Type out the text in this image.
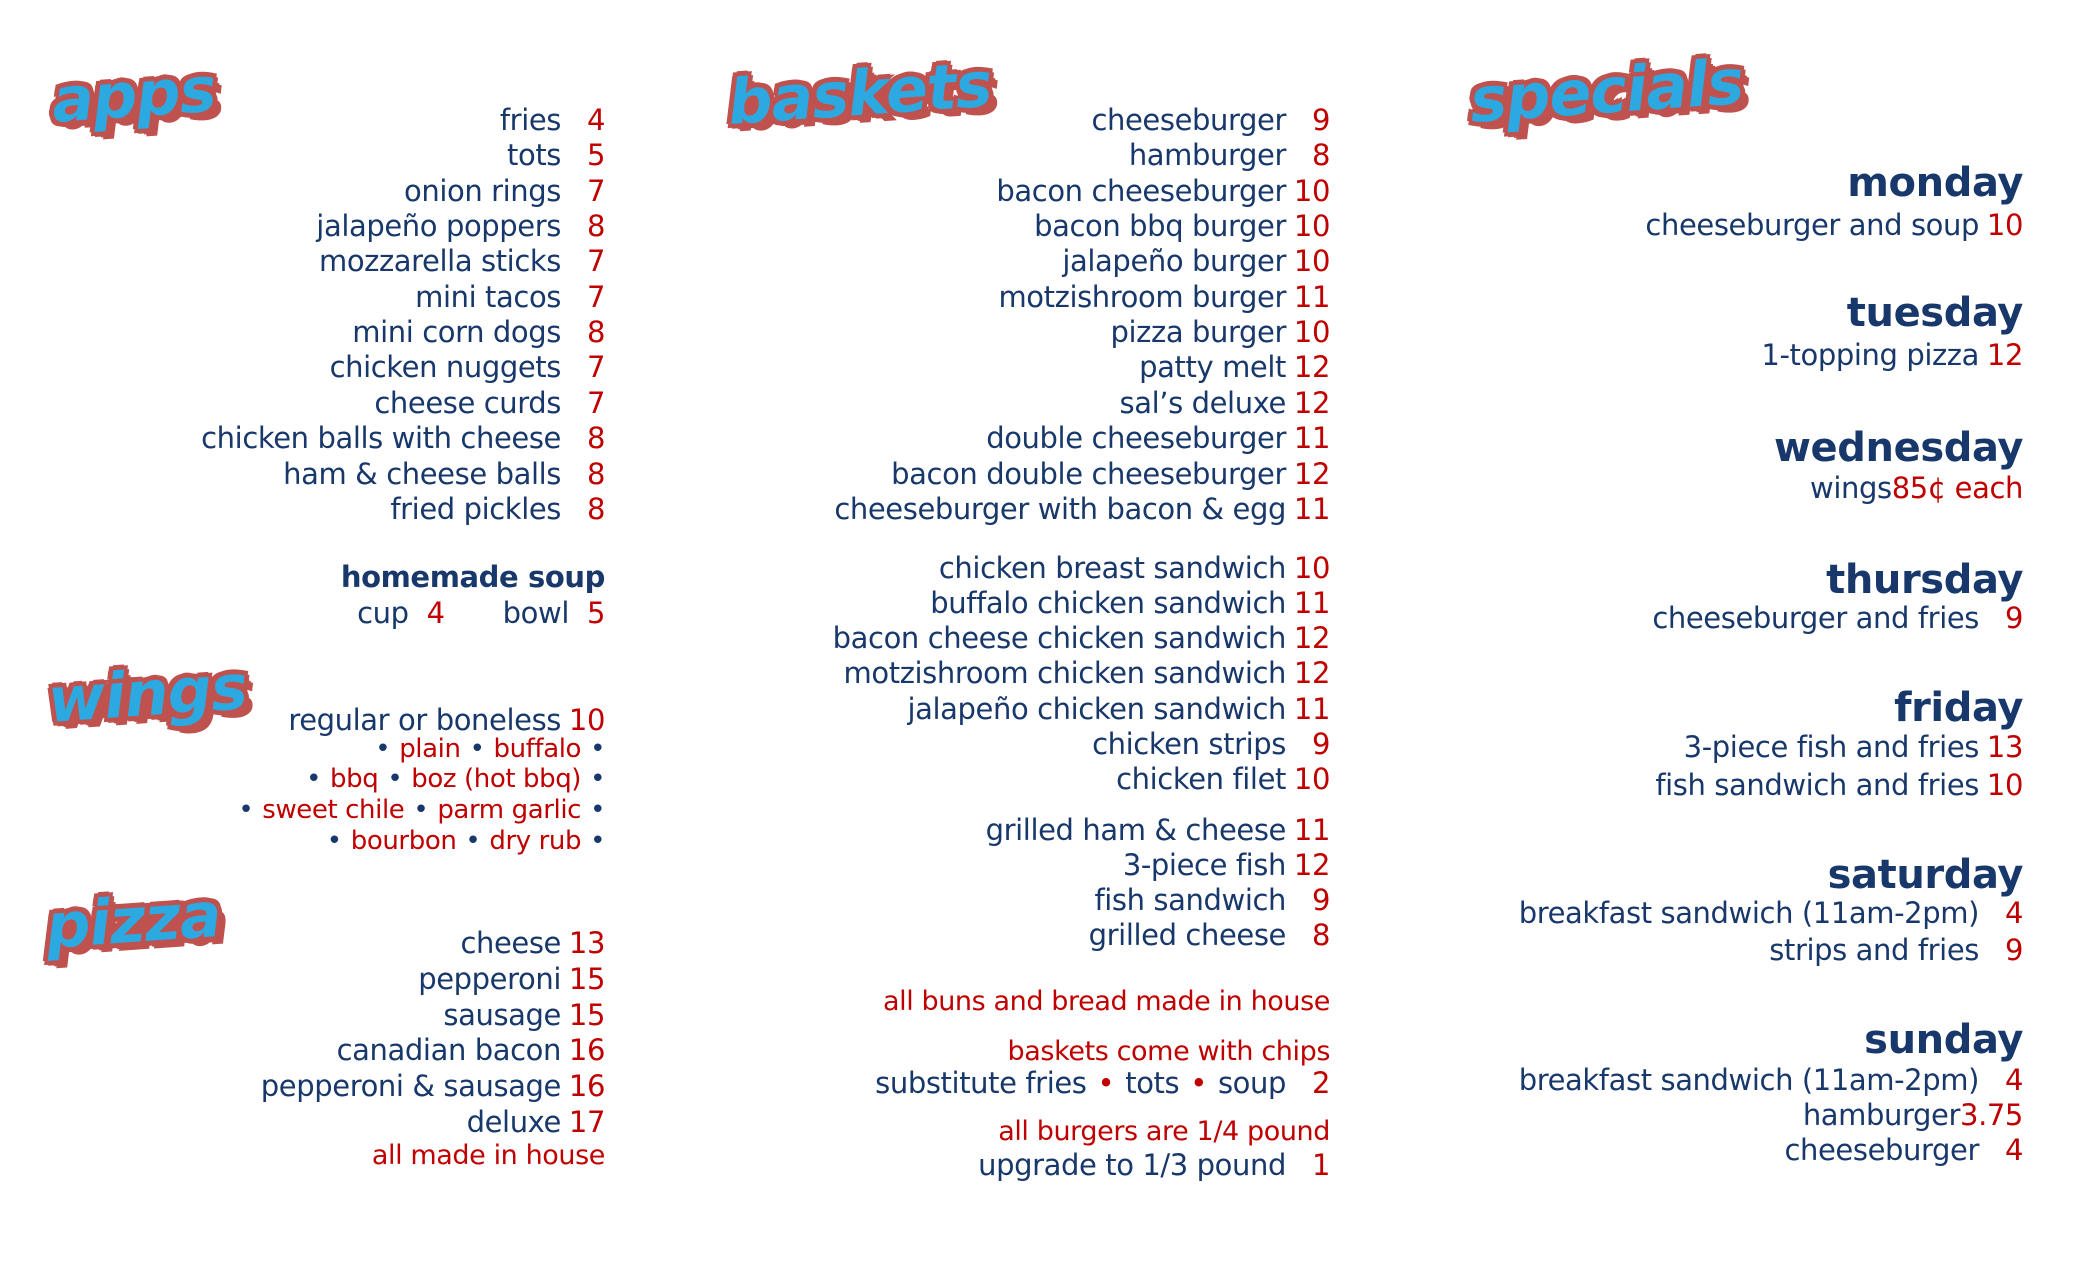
apps
wings
pizza
baskets	specials
fries 4
tots 5
onion rings 7
jalapeño poppers 8
mozzarella sticks 7
mini tacos 7
mini corn dogs 8
chicken nuggets 7
cheese curds 7
chicken balls with cheese 8
ham & cheese balls 8
fried pickles 8
homemade soup
cup 4 bowl 5
regular or boneless 10
• plain • buffalo •
• bbq • boz (hot bbq) •
• sweet chile • parm garlic •
• bourbon • dry rub •
cheese 13
pepperoni 15
sausage 15
canadian bacon 16
pepperoni & sausage 16
deluxe 17
all made in house
cheeseburger 9
hamburger 8
bacon cheeseburger 10
bacon bbq burger 10
jalapeño burger 10
motzishroom burger 11
pizza burger 10
patty melt 12
sal’s deluxe 12
double cheeseburger 11
bacon double cheeseburger 12
cheeseburger with bacon & egg 11
chicken breast sandwich 10
buffalo chicken sandwich 11
bacon cheese chicken sandwich 12
motzishroom chicken sandwich 12
jalapeño chicken sandwich 11
chicken strips 9
chicken filet 10
grilled ham & cheese 11
3-piece fish 12
fish sandwich 9
grilled cheese 8
all buns and bread made in house
baskets come with chips
substitute fries • tots • soup 2
all burgers are 1/4 pound
upgrade to 1/3 pound 1
monday
cheeseburger and soup 10
tuesday
1-topping pizza 12
wednesday
wings 85¢ each
thursday
cheeseburger and fries 9
friday
3-piece fish and fries 13
fish sandwich and fries 10
saturday
breakfast sandwich (11am-2pm) 4
strips and fries 9
sunday
breakfast sandwich (11am-2pm) 4
hamburger 3.75
cheeseburger 4
